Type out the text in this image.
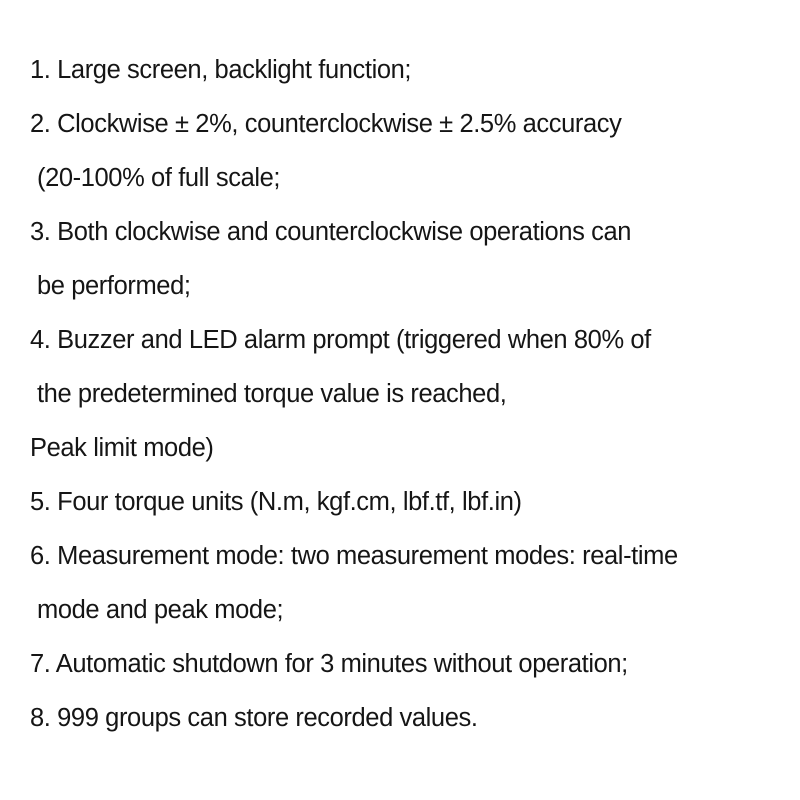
1. Large screen, backlight function;
2. Clockwise ± 2%, counterclockwise ± 2.5% accuracy
(20-100% of full scale;
3. Both clockwise and counterclockwise operations can
be performed;
4. Buzzer and LED alarm prompt (triggered when 80% of
the predetermined torque value is reached,
Peak limit mode)
5. Four torque units (N.m, kgf.cm, lbf.tf, lbf.in)
6. Measurement mode: two measurement modes: real-time
mode and peak mode;
7. Automatic shutdown for 3 minutes without operation;
8. 999 groups can store recorded values.
